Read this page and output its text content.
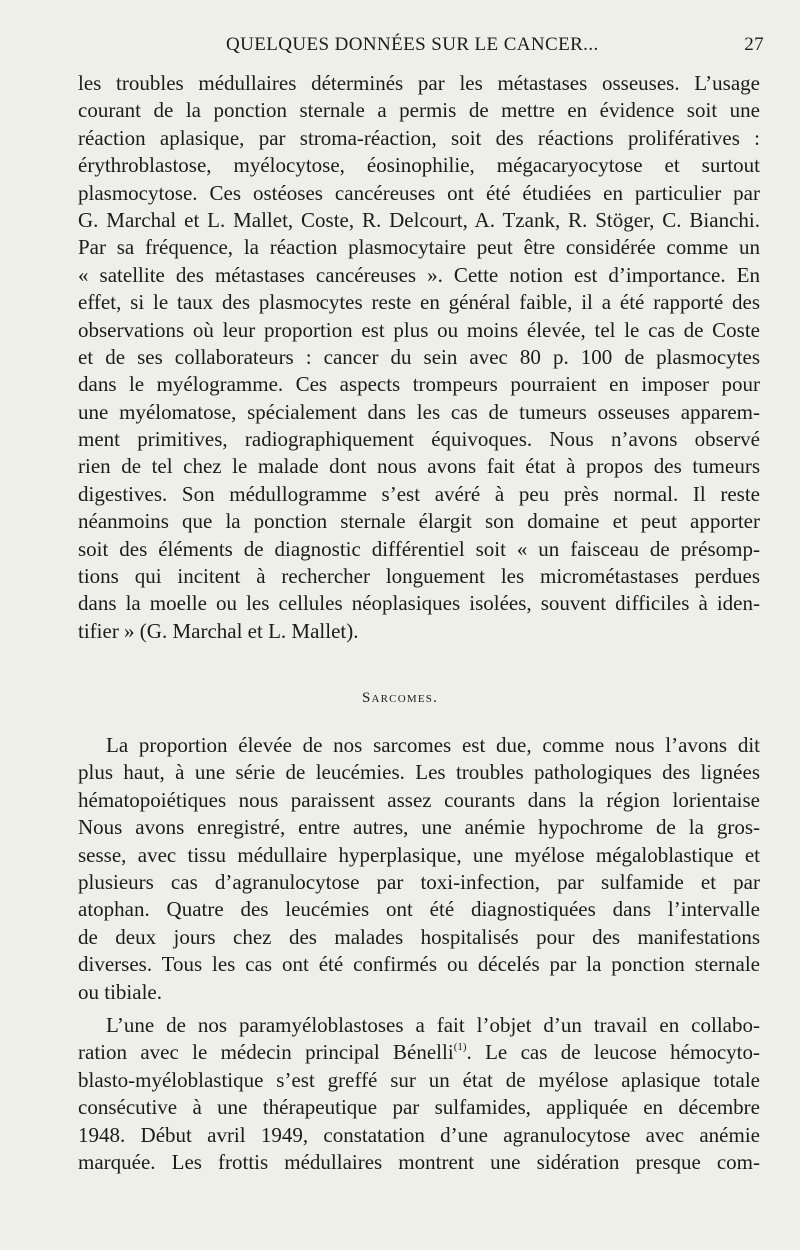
QUELQUES DONNÉES SUR LE CANCER...	27
les troubles médullaires déterminés par les métastases osseuses. L’usage
courant de la ponction sternale a permis de mettre en évidence soit une
réaction aplasique, par stroma-réaction, soit des réactions prolifératives :
érythroblastose, myélocytose, éosinophilie, mégacaryocytose et surtout
plasmocytose. Ces ostéoses cancéreuses ont été étudiées en particulier par
G. Marchal et L. Mallet, Coste, R. Delcourt, A. Tzank, R. Stöger, C. Bianchi.
Par sa fréquence, la réaction plasmocytaire peut être considérée comme un
« satellite des métastases cancéreuses ». Cette notion est d’importance. En
effet, si le taux des plasmocytes reste en général faible, il a été rapporté des
observations où leur proportion est plus ou moins élevée, tel le cas de Coste
et de ses collaborateurs : cancer du sein avec 80 p. 100 de plasmocytes
dans le myélogramme. Ces aspects trompeurs pourraient en imposer pour
une myélomatose, spécialement dans les cas de tumeurs osseuses apparem-
ment primitives, radiographiquement équivoques. Nous n’avons observé
rien de tel chez le malade dont nous avons fait état à propos des tumeurs
digestives. Son médullogramme s’est avéré à peu près normal. Il reste
néanmoins que la ponction sternale élargit son domaine et peut apporter
soit des éléments de diagnostic différentiel soit « un faisceau de présomp-
tions qui incitent à rechercher longuement les micrométastases perdues
dans la moelle ou les cellules néoplasiques isolées, souvent difficiles à iden-
tifier » (G. Marchal et L. Mallet).
Sarcomes.
La proportion élevée de nos sarcomes est due, comme nous l’avons dit
plus haut, à une série de leucémies. Les troubles pathologiques des lignées
hématopoiétiques nous paraissent assez courants dans la région lorientaise
Nous avons enregistré, entre autres, une anémie hypochrome de la gros-
sesse, avec tissu médullaire hyperplasique, une myélose mégaloblastique et
plusieurs cas d’agranulocytose par toxi-infection, par sulfamide et par
atophan. Quatre des leucémies ont été diagnostiquées dans l’intervalle
de deux jours chez des malades hospitalisés pour des manifestations
diverses. Tous les cas ont été confirmés ou décelés par la ponction sternale
ou tibiale.
L’une de nos paramyéloblastoses a fait l’objet d’un travail en collabo-
ration avec le médecin principal Bénelli$^{(1)}$. Le cas de leucose hémocyto-
blasto-myéloblastique s’est greffé sur un état de myélose aplasique totale
consécutive à une thérapeutique par sulfamides, appliquée en décembre
1948. Début avril 1949, constatation d’une agranulocytose avec anémie
marquée. Les frottis médullaires montrent une sidération presque com-
